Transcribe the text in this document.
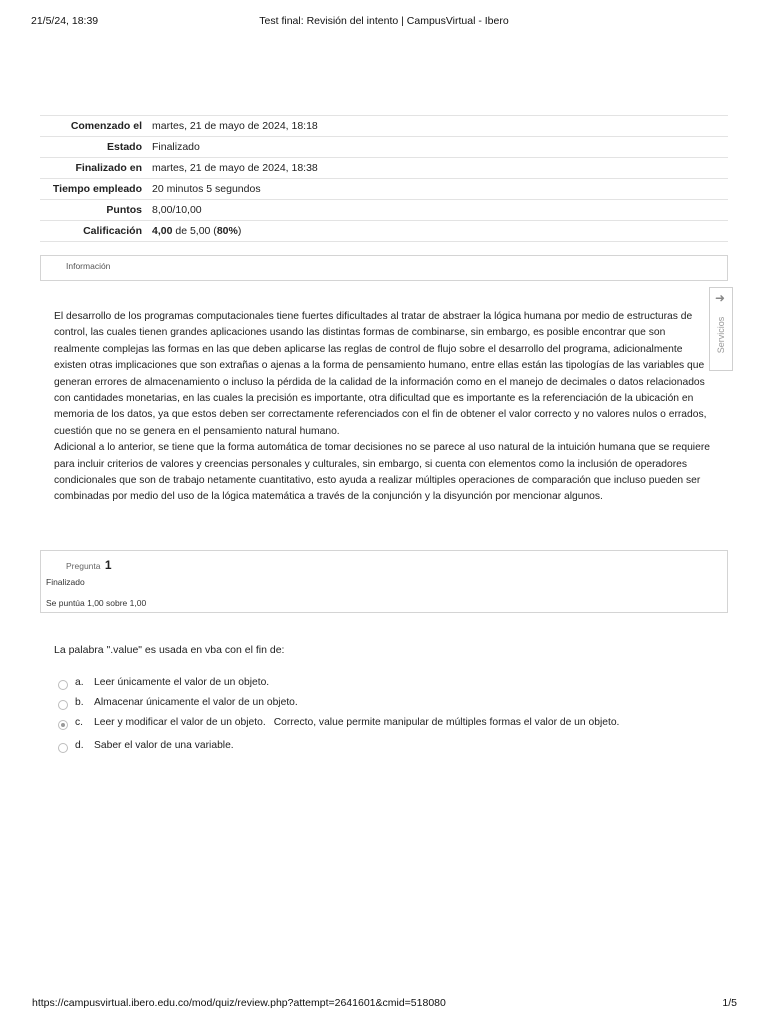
21/5/24, 18:39	Test final: Revisión del intento | CampusVirtual - Ibero
Comenzado el	martes, 21 de mayo de 2024, 18:18
Estado	Finalizado
Finalizado en	martes, 21 de mayo de 2024, 18:38
Tiempo empleado	20 minutos 5 segundos
Puntos	8,00/10,00
Calificación	4,00 de 5,00 (80%)
Información

El desarrollo de los programas computacionales tiene fuertes dificultades al tratar de abstraer la lógica humana por medio de estructuras de control, las cuales tienen grandes aplicaciones usando las distintas formas de combinarse, sin embargo, es posible encontrar que son realmente complejas las formas en las que deben aplicarse las reglas de control de flujo sobre el desarrollo del programa, adicionalmente existen otras implicaciones que son extrañas o ajenas a la forma de pensamiento humano, entre ellas están las tipologías de las variables que generan errores de almacenamiento o incluso la pérdida de la calidad de la información como en el manejo de decimales o datos relacionados con cantidades monetarias, en las cuales la precisión es importante, otra dificultad que es importante es la referenciación de la ubicación en memoria de los datos, ya que estos deben ser correctamente referenciados con el fin de obtener el valor correcto y no valores nulos o errados, cuestión que no se genera en el pensamiento natural humano.

Adicional a lo anterior, se tiene que la forma automática de tomar decisiones no se parece al uso natural de la intuición humana que se requiere para incluir criterios de valores y creencias personales y culturales, sin embargo, si cuenta con elementos como la inclusión de operadores condicionales que son de trabajo netamente cuantitativo, esto ayuda a realizar múltiples operaciones de comparación que incluso pueden ser combinadas por medio del uso de la lógica matemática a través de la conjunción y la disyunción por mencionar algunos.

➜
Servicios
Pregunta 1
Finalizado
Se puntúa 1,00 sobre 1,00
La palabra ".value" es usada en vba con el fin de:
a. Leer únicamente el valor de un objeto.
b. Almacenar únicamente el valor de un objeto.
c. Leer y modificar el valor de un objeto. Correcto, value permite manipular de múltiples formas el valor de un objeto.
d. Saber el valor de una variable.
https://campusvirtual.ibero.edu.co/mod/quiz/review.php?attempt=2641601&cmid=518080	1/5
